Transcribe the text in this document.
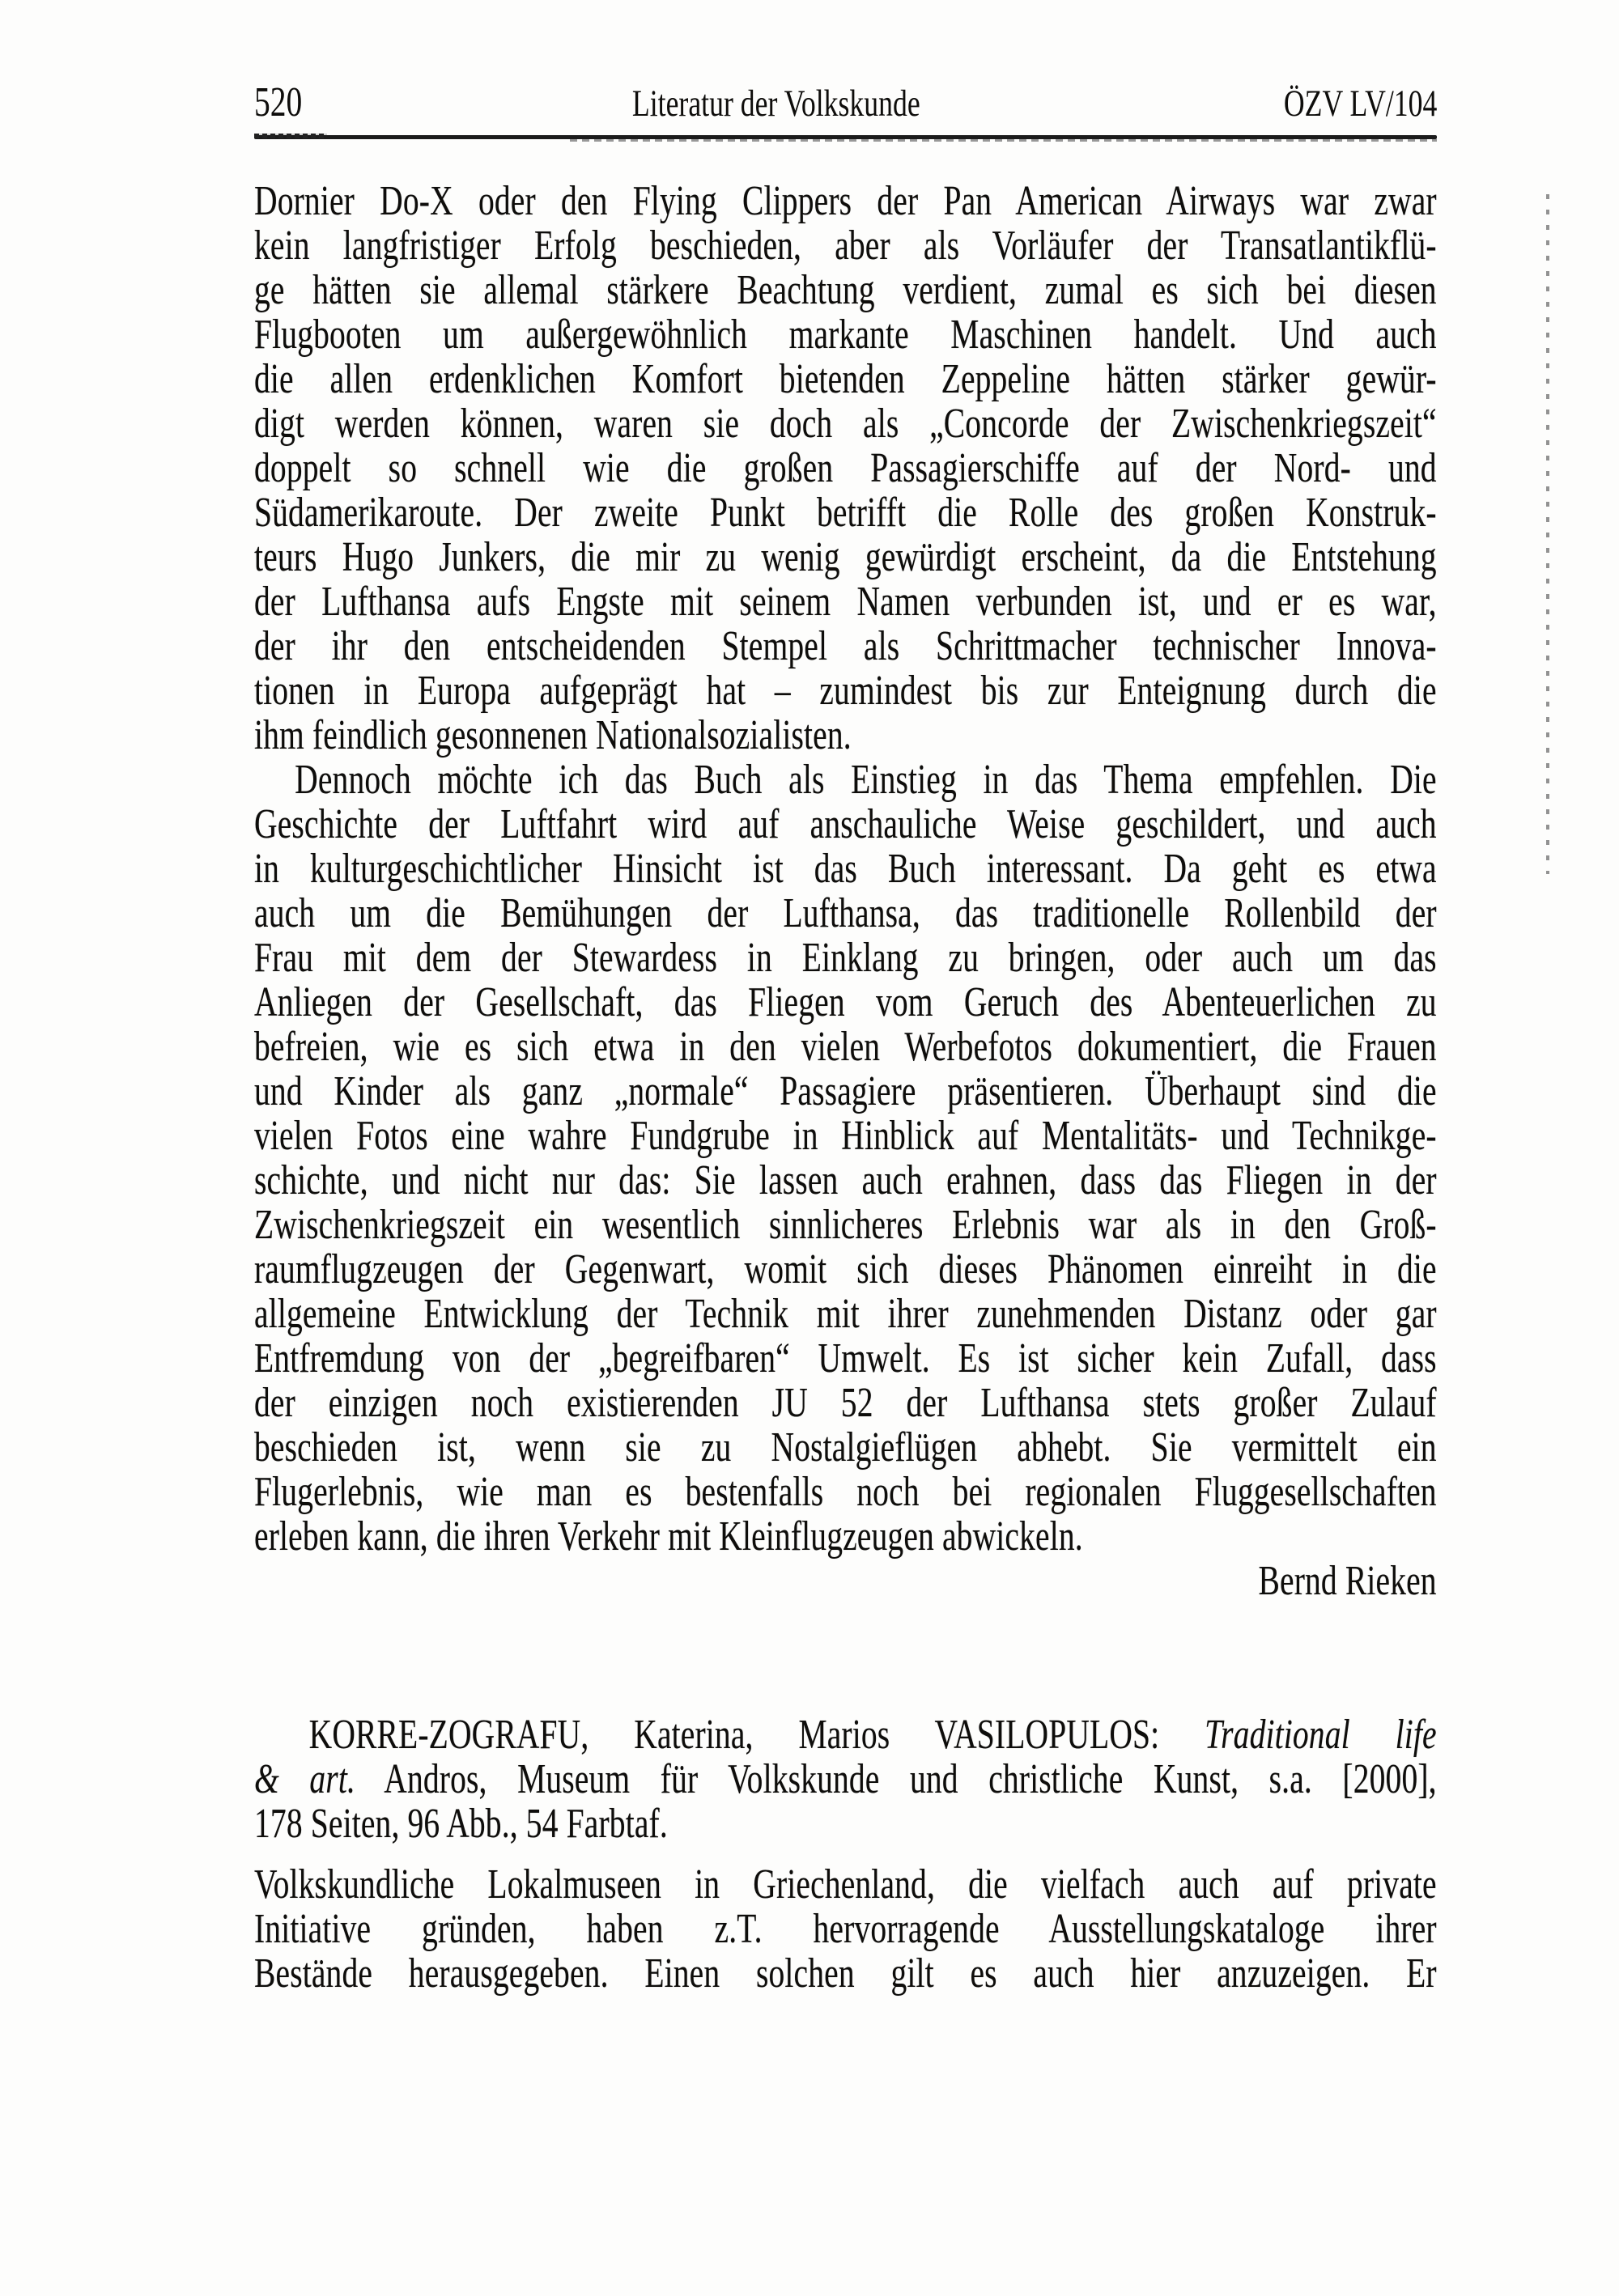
520	Literatur der Volkskunde	ÖZV LV/104
Dornier Do-X oder den Flying Clippers der Pan American Airways war zwar
kein langfristiger Erfolg beschieden, aber als Vorläufer der Transatlantikflü-
ge hätten sie allemal stärkere Beachtung verdient, zumal es sich bei diesen
Flugbooten um außergewöhnlich markante Maschinen handelt. Und auch
die allen erdenklichen Komfort bietenden Zeppeline hätten stärker gewür-
digt werden können, waren sie doch als „Concorde der Zwischenkriegszeit“
doppelt so schnell wie die großen Passagierschiffe auf der Nord- und
Südamerikaroute. Der zweite Punkt betrifft die Rolle des großen Konstruk-
teurs Hugo Junkers, die mir zu wenig gewürdigt erscheint, da die Entstehung
der Lufthansa aufs Engste mit seinem Namen verbunden ist, und er es war,
der ihr den entscheidenden Stempel als Schrittmacher technischer Innova-
tionen in Europa aufgeprägt hat – zumindest bis zur Enteignung durch die
ihm feindlich gesonnenen Nationalsozialisten.
Dennoch möchte ich das Buch als Einstieg in das Thema empfehlen. Die
Geschichte der Luftfahrt wird auf anschauliche Weise geschildert, und auch
in kulturgeschichtlicher Hinsicht ist das Buch interessant. Da geht es etwa
auch um die Bemühungen der Lufthansa, das traditionelle Rollenbild der
Frau mit dem der Stewardess in Einklang zu bringen, oder auch um das
Anliegen der Gesellschaft, das Fliegen vom Geruch des Abenteuerlichen zu
befreien, wie es sich etwa in den vielen Werbefotos dokumentiert, die Frauen
und Kinder als ganz „normale“ Passagiere präsentieren. Überhaupt sind die
vielen Fotos eine wahre Fundgrube in Hinblick auf Mentalitäts- und Technikge-
schichte, und nicht nur das: Sie lassen auch erahnen, dass das Fliegen in der
Zwischenkriegszeit ein wesentlich sinnlicheres Erlebnis war als in den Groß-
raumflugzeugen der Gegenwart, womit sich dieses Phänomen einreiht in die
allgemeine Entwicklung der Technik mit ihrer zunehmenden Distanz oder gar
Entfremdung von der „begreifbaren“ Umwelt. Es ist sicher kein Zufall, dass
der einzigen noch existierenden JU 52 der Lufthansa stets großer Zulauf
beschieden ist, wenn sie zu Nostalgieflügen abhebt. Sie vermittelt ein
Flugerlebnis, wie man es bestenfalls noch bei regionalen Fluggesellschaften
erleben kann, die ihren Verkehr mit Kleinflugzeugen abwickeln.
Bernd Rieken
KORRE-ZOGRAFU, Katerina, Marios VASILOPULOS: Traditional life
& art. Andros, Museum für Volkskunde und christliche Kunst, s.a. [2000],
178 Seiten, 96 Abb., 54 Farbtaf.
Volkskundliche Lokalmuseen in Griechenland, die vielfach auch auf private
Initiative gründen, haben z.T. hervorragende Ausstellungskataloge ihrer
Bestände herausgegeben. Einen solchen gilt es auch hier anzuzeigen. Er
